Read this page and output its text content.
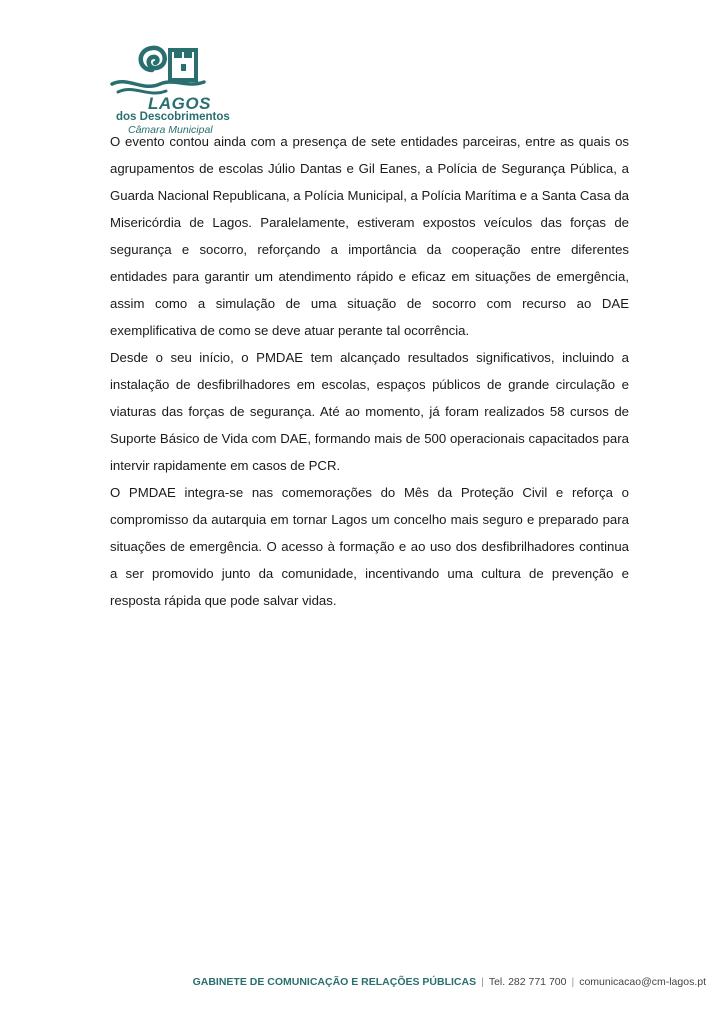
LAGOS
dos Descobrimentos
Câmara Municipal

O evento contou ainda com a presença de sete entidades parceiras, entre as quais os agrupamentos de escolas Júlio Dantas e Gil Eanes, a Polícia de Segurança Pública, a Guarda Nacional Republicana, a Polícia Municipal, a Polícia Marítima e a Santa Casa da Misericórdia de Lagos. Paralelamente, estiveram expostos veículos das forças de segurança e socorro, reforçando a importância da cooperação entre diferentes entidades para garantir um atendimento rápido e eficaz em situações de emergência, assim como a simulação de uma situação de socorro com recurso ao DAE exemplificativa de como se deve atuar perante tal ocorrência.

Desde o seu início, o PMDAE tem alcançado resultados significativos, incluindo a instalação de desfibrilhadores em escolas, espaços públicos de grande circulação e viaturas das forças de segurança. Até ao momento, já foram realizados 58 cursos de Suporte Básico de Vida com DAE, formando mais de 500 operacionais capacitados para intervir rapidamente em casos de PCR.

O PMDAE integra-se nas comemorações do Mês da Proteção Civil e reforça o compromisso da autarquia em tornar Lagos um concelho mais seguro e preparado para situações de emergência. O acesso à formação e ao uso dos desfibrilhadores continua a ser promovido junto da comunidade, incentivando uma cultura de prevenção e resposta rápida que pode salvar vidas.

GABINETE DE COMUNICAÇÃO E RELAÇÕES PÚBLICAS | Tel. 282 771 700 | comunicacao@cm-lagos.pt
